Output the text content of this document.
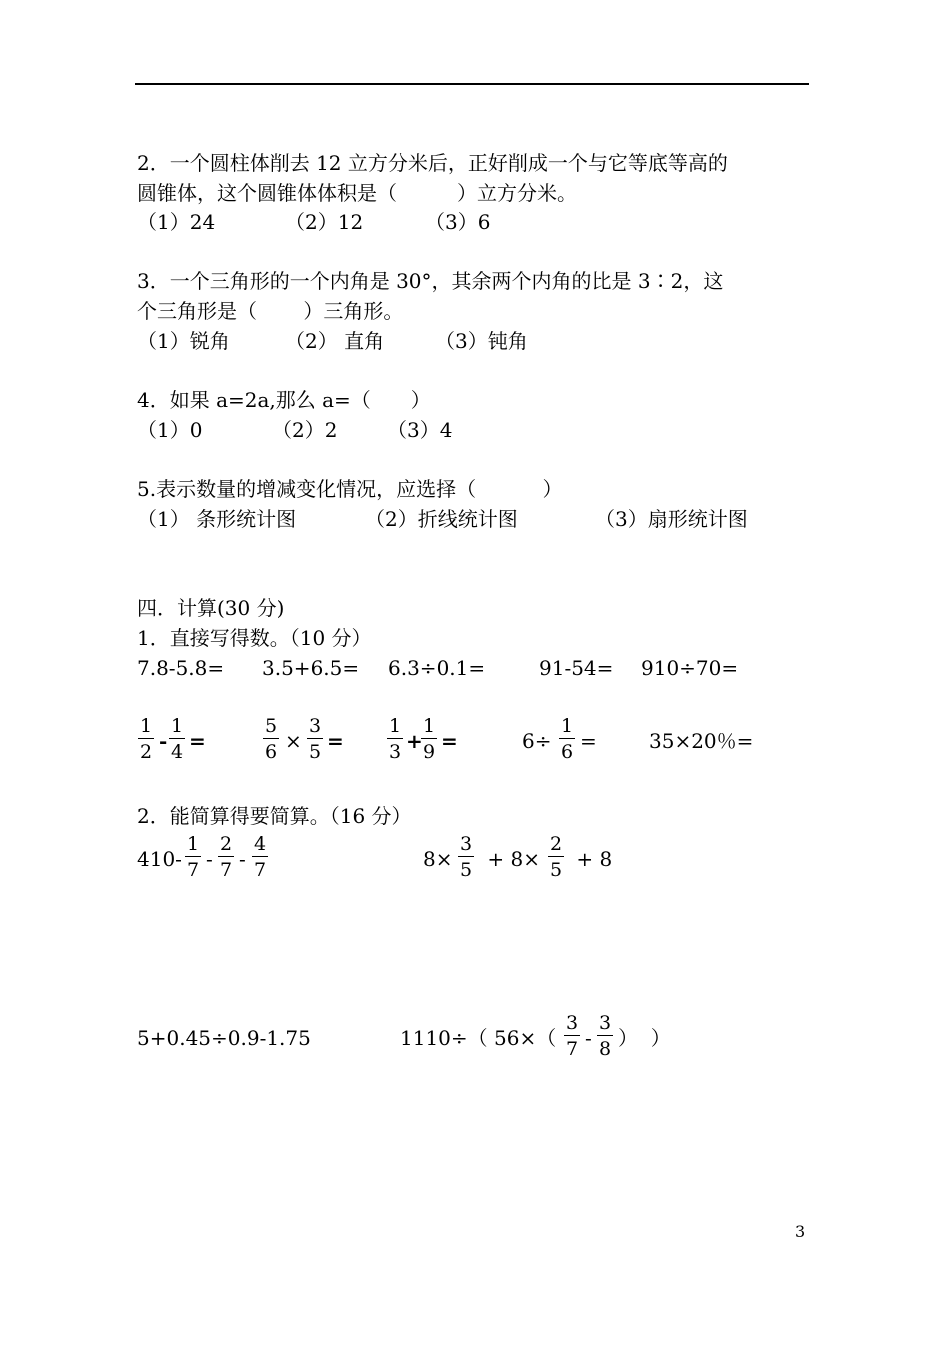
2．一个圆柱体削去 12 立方分米后，正好削成一个与它等底等高的
圆锥体，这个圆锥体体积是（　　　）立方分米。
（1）24	（2）12	（3）6
3．一个三角形的一个内角是 30°，其余两个内角的比是 3∶2，这
个三角形是（　　 ）三角形。
（1）锐角	（2） 直角	（3）钝角
4．如果 a=2a,那么 a=（　　）
（1）0	（2）2 （3）4
5.表示数量的增减变化情况，应选择（　　　 ）
（1） 条形统计图	（2）折线统计图	（3）扇形统计图
四．计算(30 分)
1．直接写得数。（10 分）
7.8-5.8= 3.5+6.5= 6.3÷0.1=	91-54= 910÷70=
$\frac{1}{2} - \frac{1}{4}$ =	$\frac{5}{6} \times \frac{3}{5} = \frac{1}{3}$ +
$\frac{1}{9}$ =	$6\div \frac{1}{6}$ =	35×20％=
2．能简算得要简算。（16 分）
$410- \frac{1}{7} - \frac{2}{7} - \frac{4}{7}$	$8\times \frac{3}{5} + 8\times \frac{2}{5} + 8$
5+0.45÷0.9-1.75	1110÷（ $56\times( \frac{3}{7} - \frac{3}{8}$ ）  ）
3
